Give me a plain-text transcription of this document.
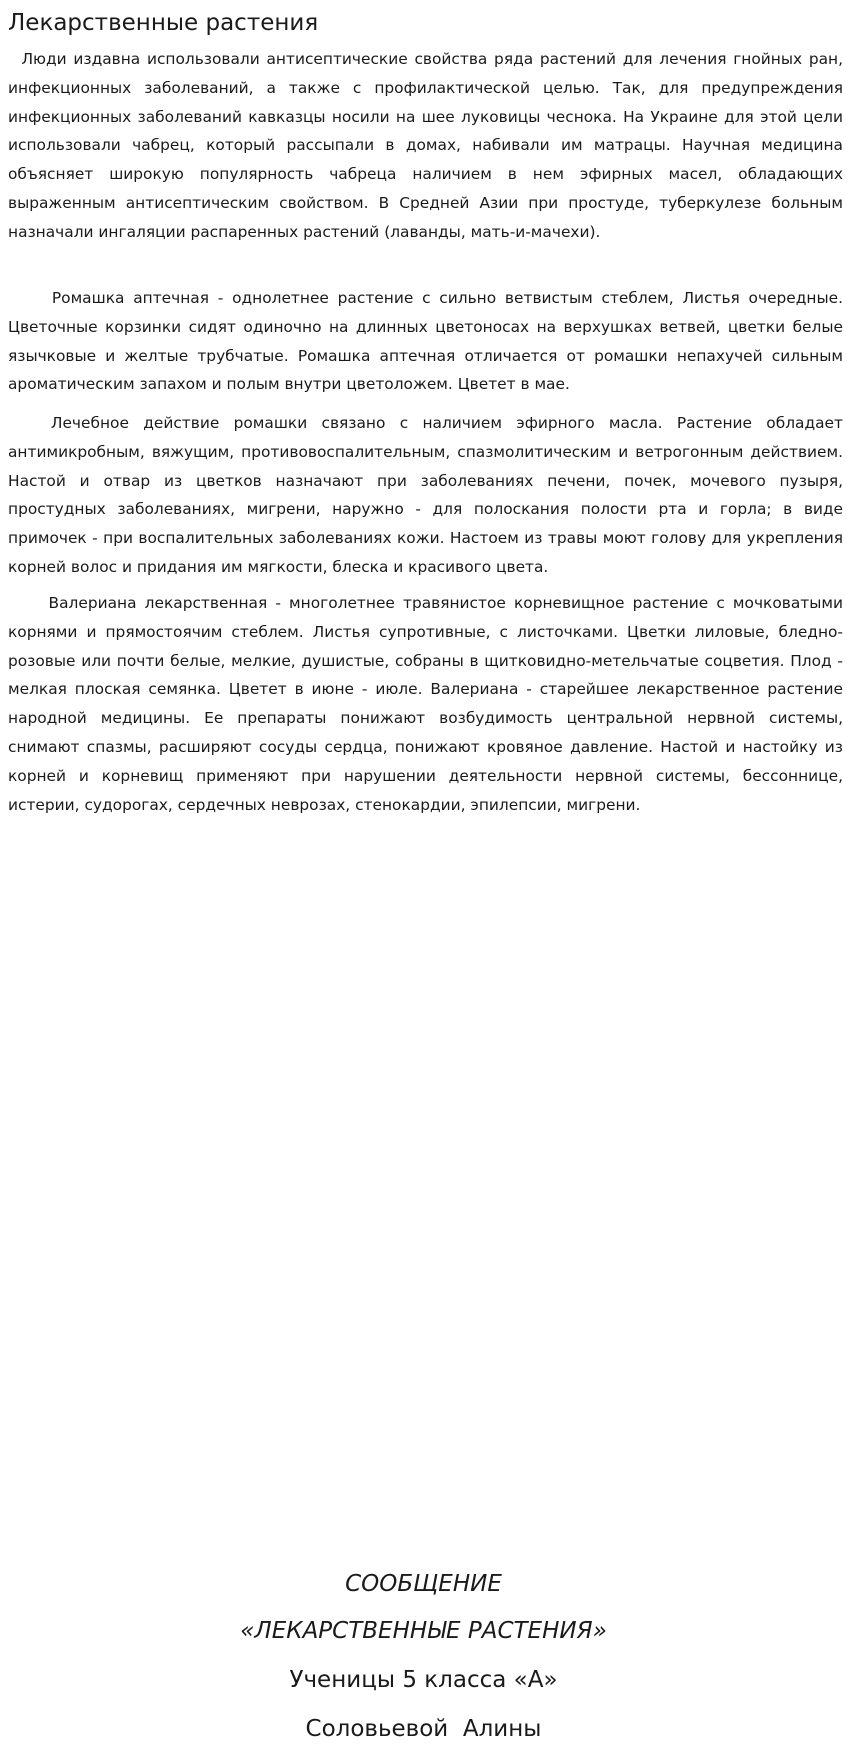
Лекарственные растения

Люди издавна использовали антисептические свойства ряда растений для лечения гнойных ран, инфекционных заболеваний, а также с профилактической целью. Так, для предупреждения инфекционных заболеваний кавказцы носили на шее луковицы чеснока. На Украине для этой цели использовали чабрец, который рассыпали в домах, набивали им матрацы. Научная медицина объясняет широкую популярность чабреца наличием в нем эфирных масел, обладающих выраженным антисептическим свойством. В Средней Азии при простуде, туберкулезе больным назначали ингаляции распаренных растений (лаванды, мать-и-мачехи).

Ромашка аптечная - однолетнее растение с сильно ветвистым стеблем, Листья очередные. Цветочные корзинки сидят одиночно на длинных цветоносах на верхушках ветвей, цветки белые язычковые и желтые трубчатые. Ромашка аптечная отличается от ромашки непахучей сильным ароматическим запахом и полым внутри цветоложем. Цветет в мае.

Лечебное действие ромашки связано с наличием эфирного масла. Растение обладает антимикробным, вяжущим, противовоспалительным, спазмолитическим и ветрогонным действием. Настой и отвар из цветков назначают при заболеваниях печени, почек, мочевого пузыря, простудных заболеваниях, мигрени, наружно - для полоскания полости рта и горла; в виде примочек - при воспалительных заболеваниях кожи. Настоем из травы моют голову для укрепления корней волос и придания им мягкости, блеска и красивого цвета.

Валериана лекарственная - многолетнее травянистое корневищное растение с мочковатыми корнями и прямостоячим стеблем. Листья супротивные, с листочками. Цветки лиловые, бледно-розовые или почти белые, мелкие, душистые, собраны в щитковидно-метельчатые соцветия. Плод - мелкая плоская семянка. Цветет в июне - июле. Валериана - старейшее лекарственное растение народной медицины. Ее препараты понижают возбудимость центральной нервной системы, снимают спазмы, расширяют сосуды сердца, понижают кровяное давление. Настой и настойку из корней и корневищ применяют при нарушении деятельности нервной системы, бессоннице, истерии, судорогах, сердечных неврозах, стенокардии, эпилепсии, мигрени.

СООБЩЕНИЕ
«ЛЕКАРСТВЕННЫЕ РАСТЕНИЯ»
Ученицы 5 класса «А»
Соловьевой  Алины
